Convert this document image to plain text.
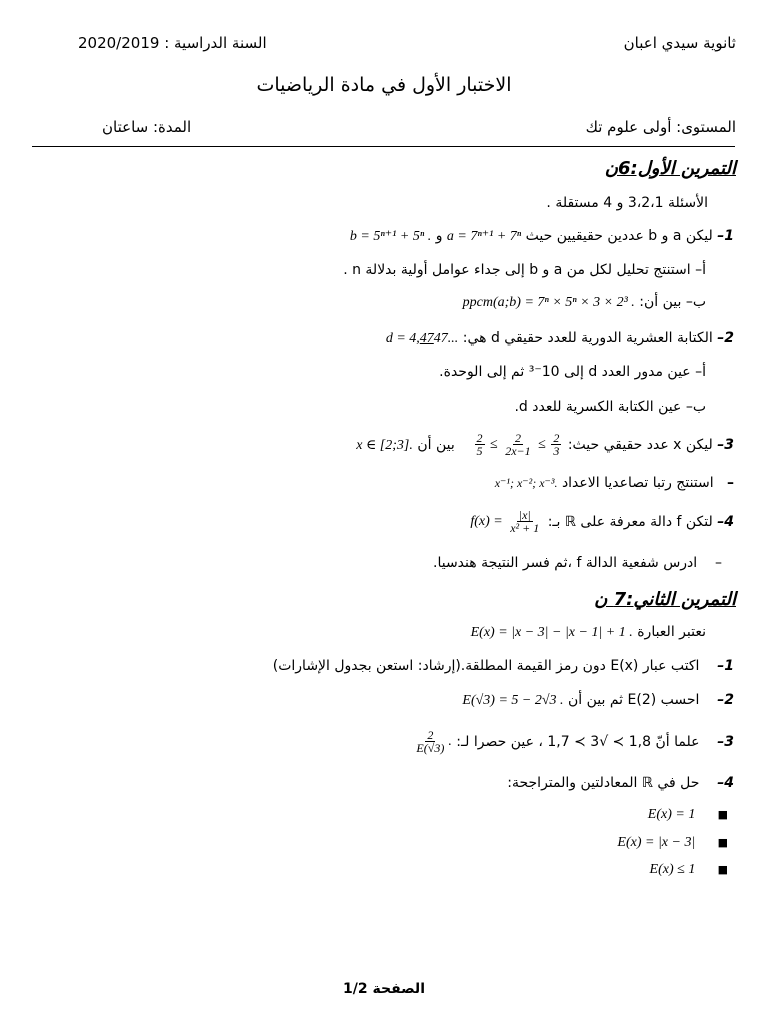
ثانوية سيدي اعبان
السنة الدراسية : 2020/2019
الاختبار الأول في مادة الرياضيات
المستوى: أولى علوم تك
المدة: ساعتان
التمرين الأول:6ن
الأسئلة 3،2،1 و 4 مستقلة .
1– ليكن a و b عددين حقيقيين حيث a = 7ⁿ⁺¹ + 7ⁿ و b = 5ⁿ⁺¹ + 5ⁿ .
أ– استنتج تحليل لكل من a و b إلى جداء عوامل أولية بدلالة n .
ب– بين أن: ppcm(a;b) = 7ⁿ × 5ⁿ × 3 × 2³ .
2– الكتابة العشرية الدورية للعدد حقيقي d هي: d = 4,4747...
أ– عين مدور العدد d إلى 10⁻³ ثم إلى الوحدة.
ب– عين الكتابة الكسرية للعدد d.
3– ليكن x عدد حقيقي حيث:
$\frac{2}{5} \le \frac{2}{2x-1} \le \frac{2}{3}$
بين أن x ∈ [2;3].
–   استنتج رتبا تصاعديا الاعداد x⁻¹; x⁻²; x⁻³.
4– لتكن f دالة معرفة على ℝ بـ: $f(x) = \frac{|x|}{\text{x² + 1}}$
–    ادرس شفعية الدالة f ،ثم فسر النتيجة هندسيا.
التمرين الثاني:7 ن
نعتبر العبارة E(x) = |x − 3| − |x − 1| + 1 .
1–    اكتب عبار E(x) دون رمز القيمة المطلقة.(إرشاد: استعن بجدول الإشارات)
2–    احسب E(2) ثم بين أن E(√3) = 5 − 2√3 .
3–    علما أنّ 1,8 ≻ √3 ≻ 1,7 ، عين حصرا لـ:
$\frac{2}{E(√3)}$ .
4–    حل في ℝ المعادلتين والمتراجحة:
■     E(x) = 1
■     E(x) = |x − 3|
■     E(x) ≤ 1
الصفحة 1/2
